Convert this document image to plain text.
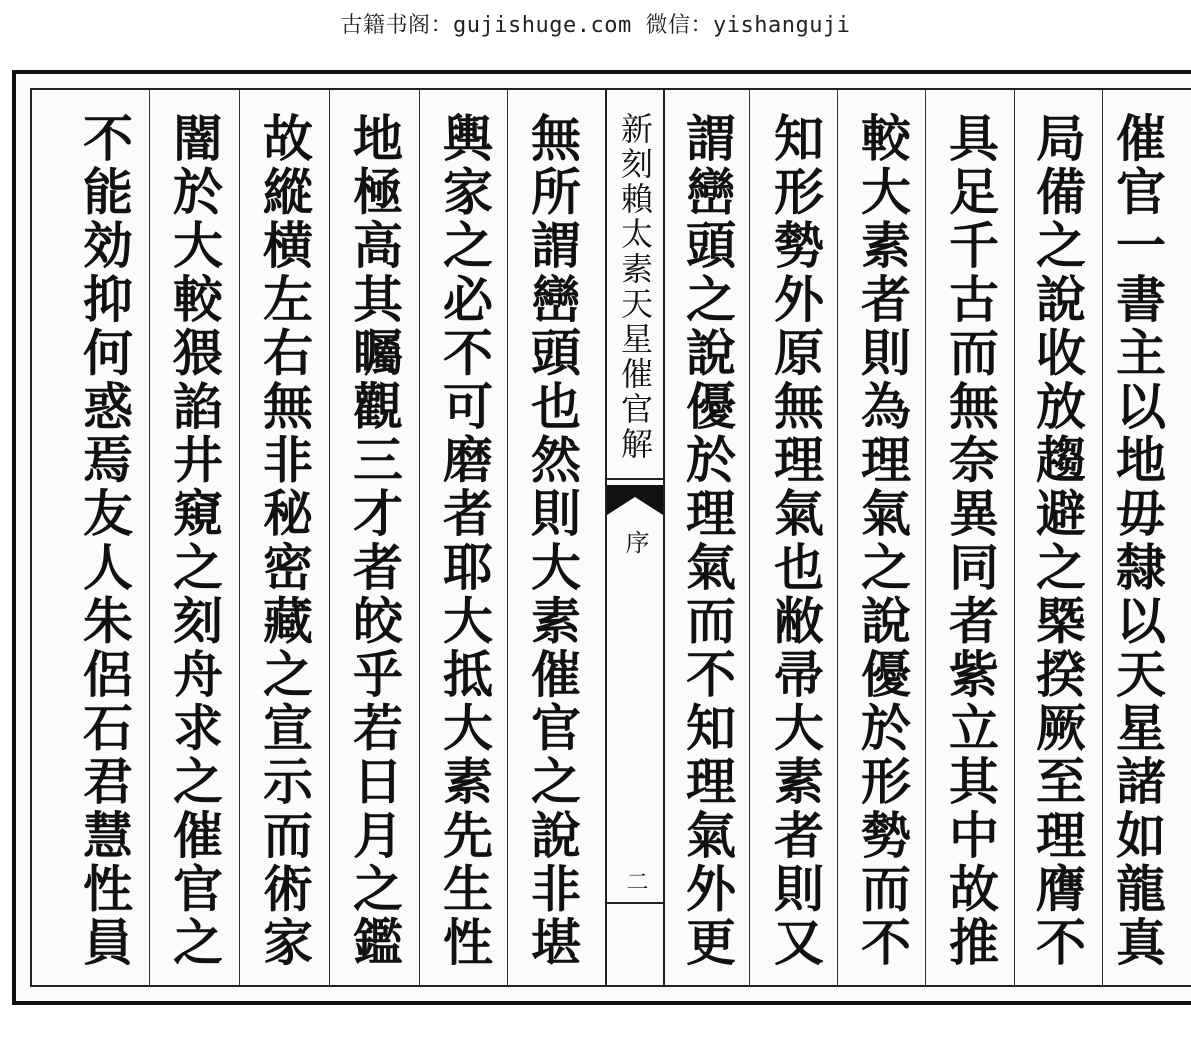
古籍书阁：gujishuge.com 微信：yishanguji
催官一書主以地毋隸以天星諸如龍真
局備之說收放趨避之槩揆厥至理膺不
具足千古而無奈異同者紫立其中故推
較大素者則為理氣之說優於形勢而不
知形勢外原無理氣也敝帚大素者則又
謂巒頭之說優於理氣而不知理氣外更
新刻賴太素天星催官解
序
二
無所謂巒頭也然則大素催官之說非堪
輿家之必不可磨者耶大抵大素先生性
地極高其矚觀三才者皎乎若日月之鑑
故縱横左右無非秘密藏之宣示而術家
闇於大較猥諂井窺之刻舟求之催官之
不能効抑何惑焉友人朱侶石君慧性員
